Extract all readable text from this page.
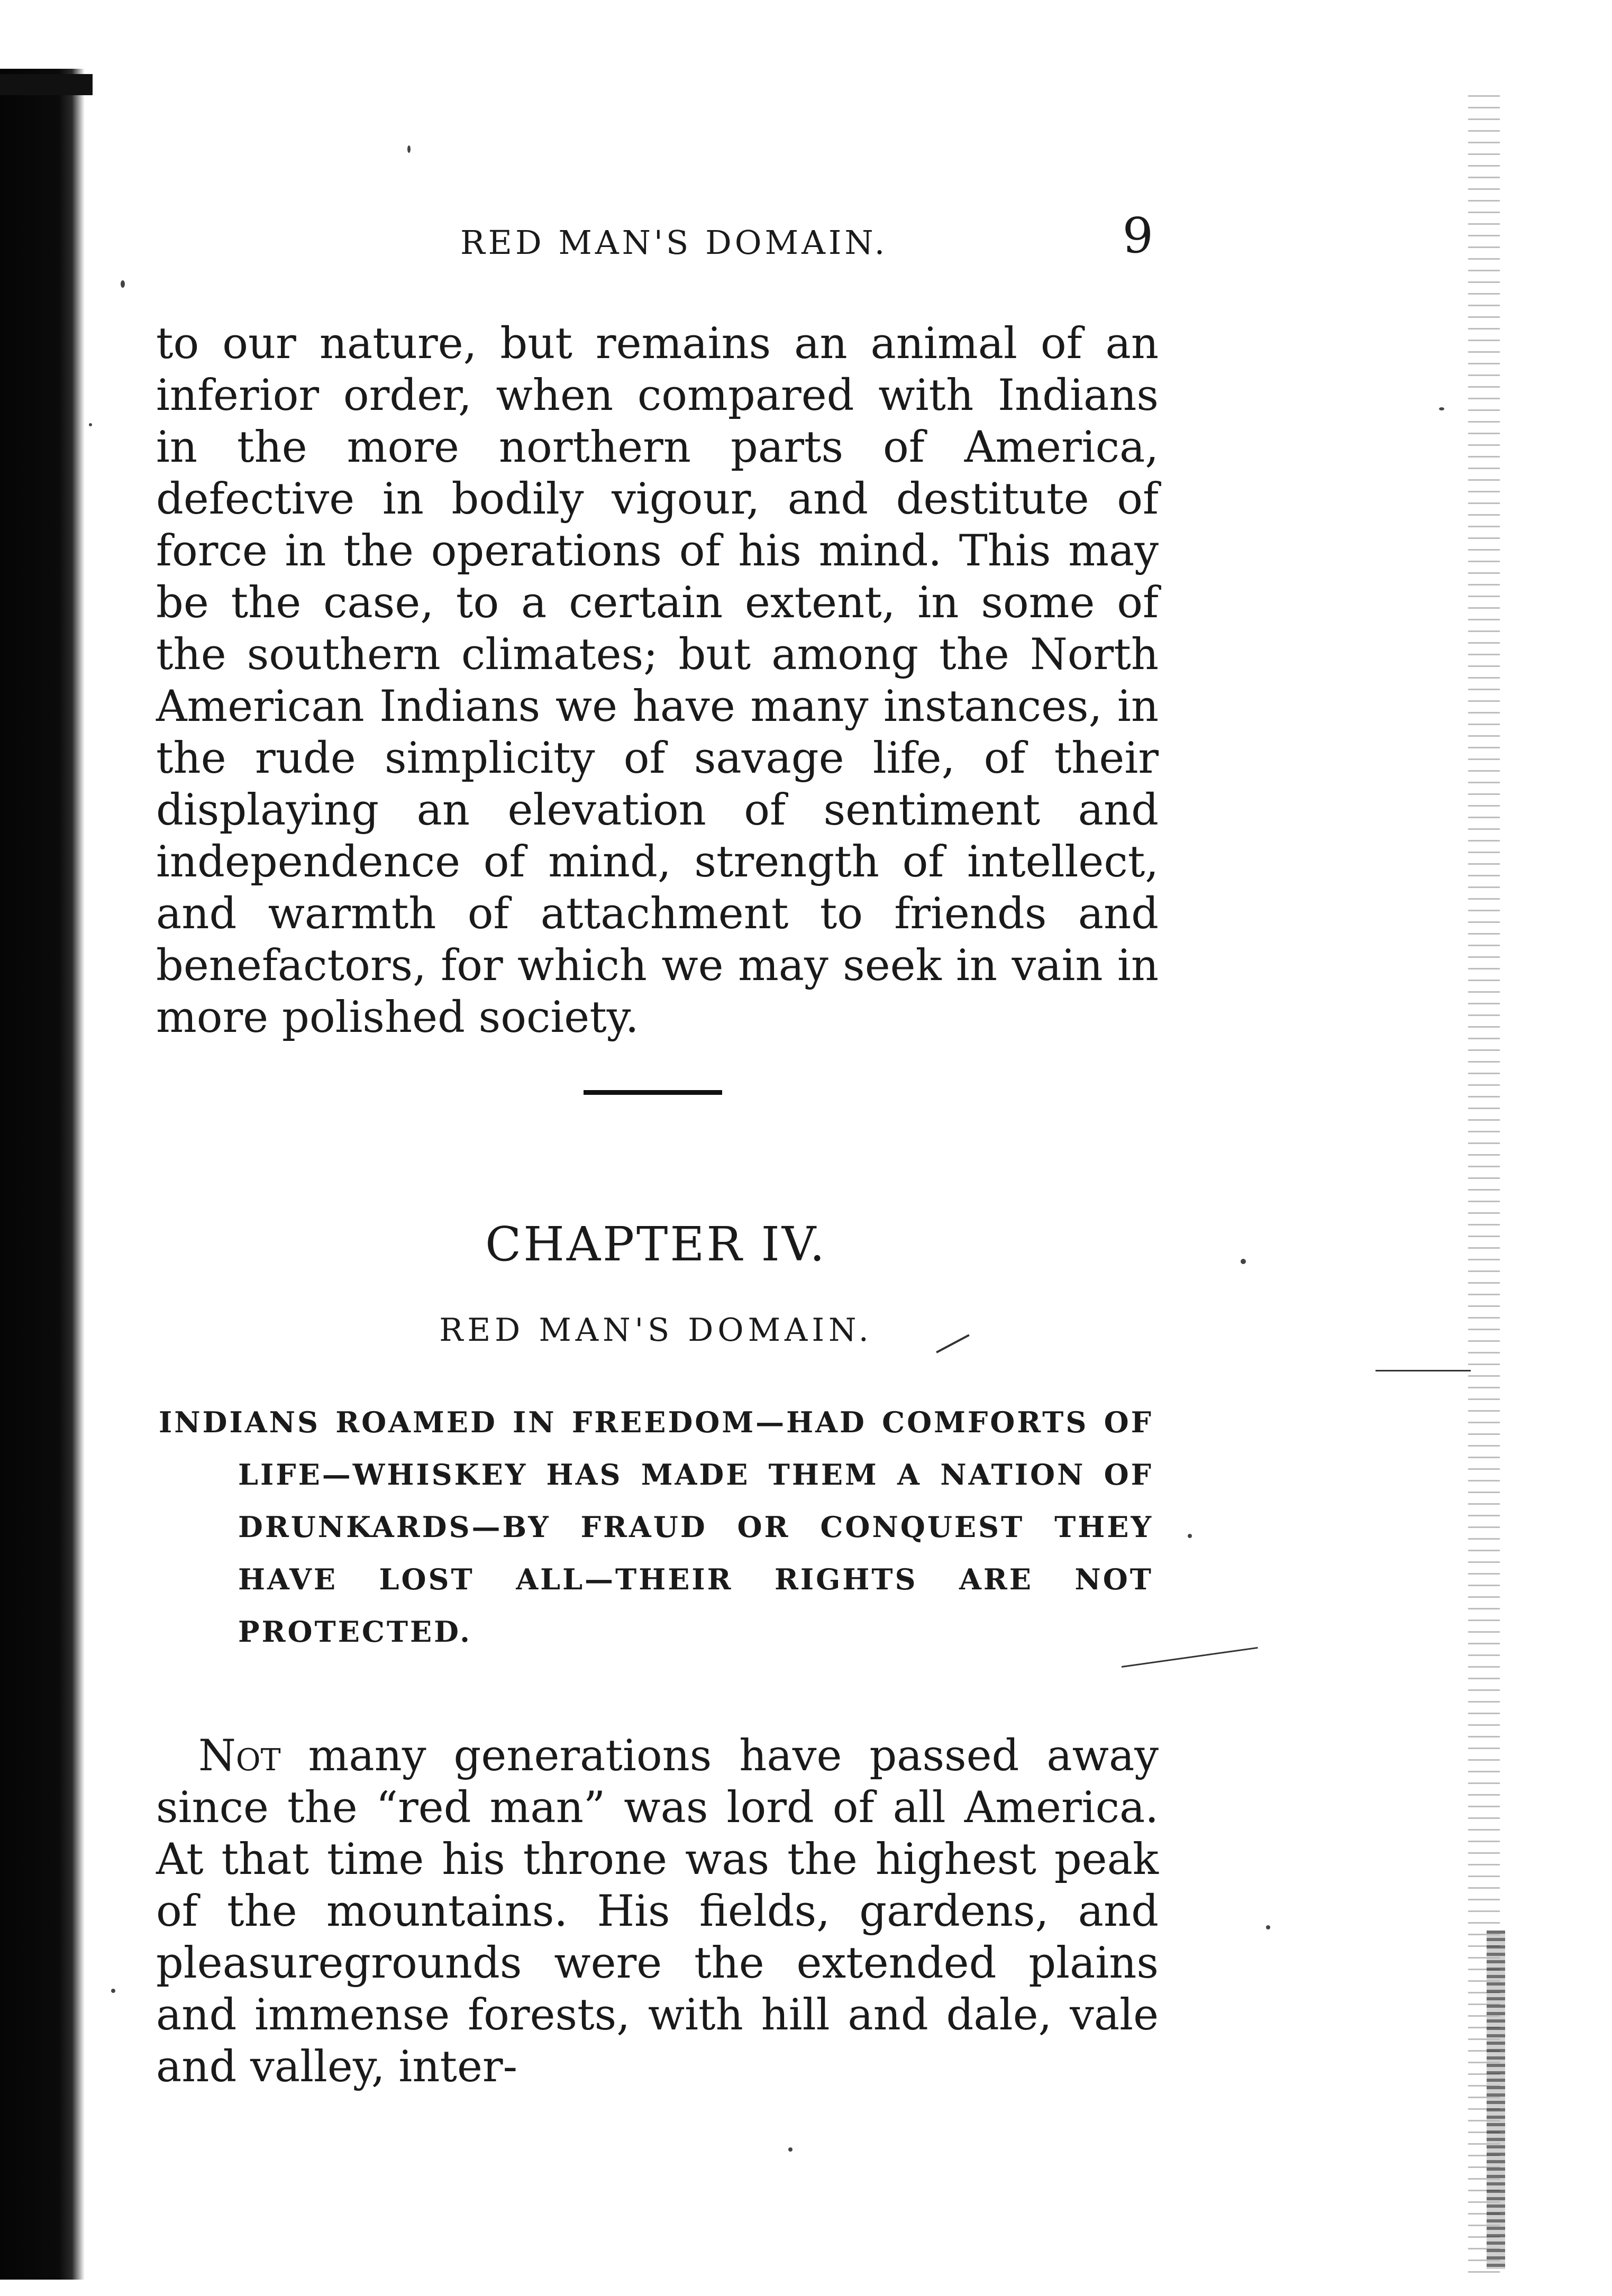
RED MAN'S DOMAIN.	9

to our nature, but remains an animal of an inferior order, when compared with Indians in the more northern parts of America, defective in bodily vigour, and destitute of force in the operations of his mind. This may be the case, to a certain extent, in some of the southern climates; but among the North American Indians we have many instances, in the rude simplicity of savage life, of their displaying an elevation of sentiment and independence of mind, strength of intellect, and warmth of attachment to friends and benefactors, for which we may seek in vain in more polished society.

CHAPTER IV.
RED MAN'S DOMAIN.
INDIANS ROAMED IN FREEDOM—HAD COMFORTS OF LIFE—WHISKEY HAS MADE THEM A NATION OF DRUNKARDS—BY FRAUD OR CONQUEST THEY HAVE LOST ALL—THEIR RIGHTS ARE NOT PROTECTED.

Not many generations have passed away since the “red man” was lord of all America. At that time his throne was the highest peak of the mountains. His fields, gardens, and pleasuregrounds were the extended plains and immense forests, with hill and dale, vale and valley, inter-
